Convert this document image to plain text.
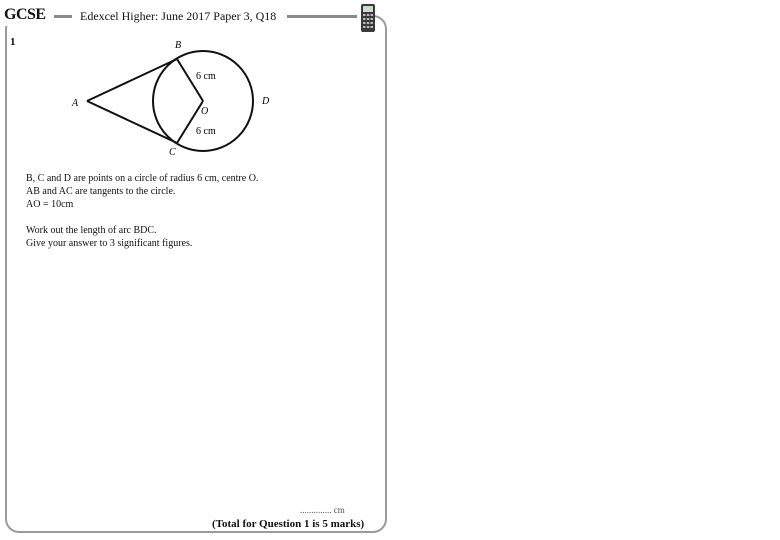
GCSE	Edexcel Higher: June 2017 Paper 3, Q18
1	B
C
D
A
O
6 cm
6 cm

B, C and D are points on a circle of radius 6 cm, centre O.

AB and AC are tangents to the circle.

AO = 10cm

Work out the length of arc BDC.

Give your answer to 3 significant figures.

.............. cm
(Total for Question 1 is 5 marks)
